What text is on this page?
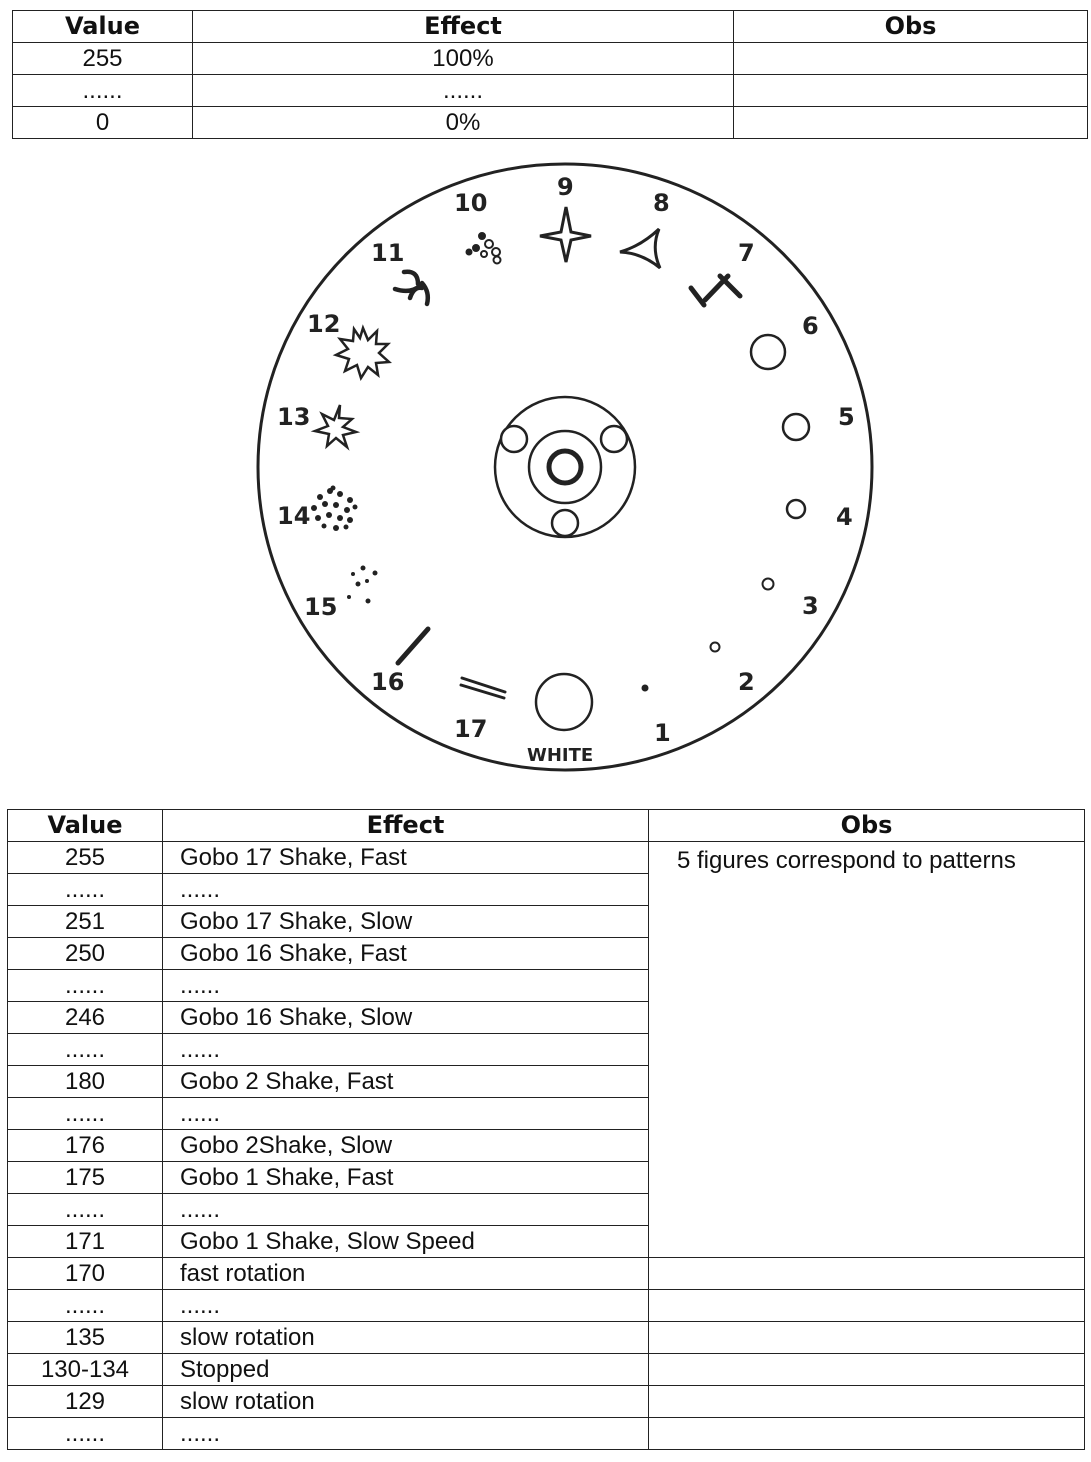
Value	Effect	Obs
255	100%	
......	......	
0	0%	
1
2
3
4
5
6
7
8
9
10
11
12
13
14
15
16
17
WHITE
Value	Effect	Obs
255	Gobo 17 Shake, Fast	5 figures correspond to patterns
......	......	
251	Gobo 17 Shake, Slow	
250	Gobo 16 Shake, Fast	
......	......	
246	Gobo 16 Shake, Slow	
......	......	
180	Gobo 2 Shake, Fast	
......	......	
176	Gobo 2Shake, Slow	
175	Gobo 1 Shake, Fast	
......	......	
171	Gobo 1 Shake, Slow Speed	
170	fast rotation	
......	......	
135	slow rotation	
130-134	Stopped	
129	slow rotation	
......	......	
